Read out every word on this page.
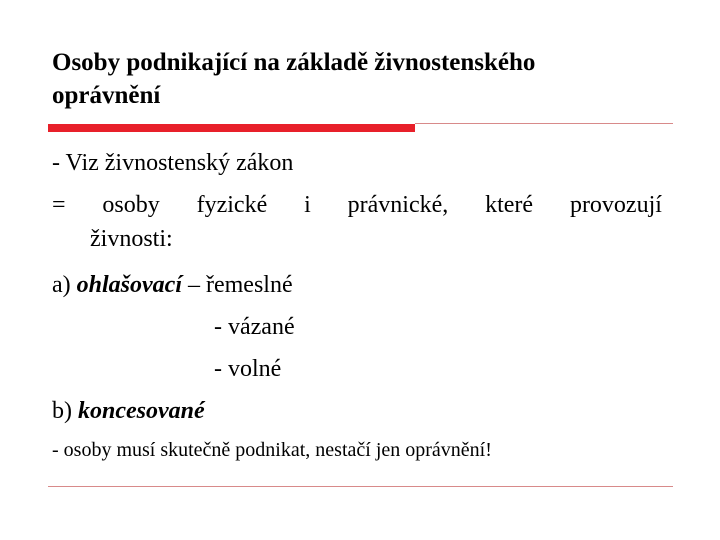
Osoby podnikající na základě živnostenského
oprávnění
- Viz živnostenský zákon
= osoby fyzické i právnické, které provozují
živnosti:
a) ohlašovací – řemeslné
- vázané
- volné
b) koncesované
- osoby musí skutečně podnikat, nestačí jen oprávnění!
